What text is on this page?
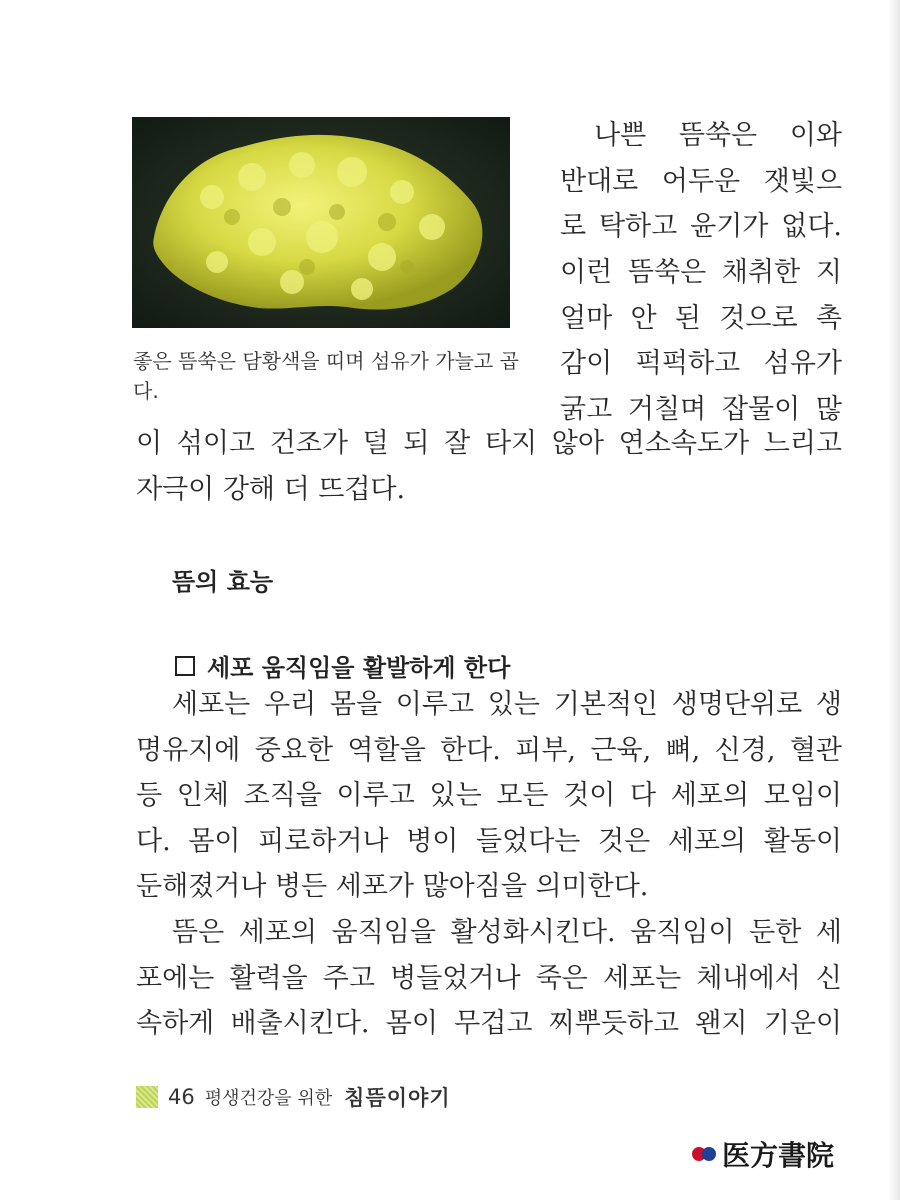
좋은 뜸쑥은 담황색을 띠며 섬유가 가늘고 곱다.

나쁜 뜸쑥은 이와
반대로 어두운 잿빛으
로 탁하고 윤기가 없다.
이런 뜸쑥은 채취한 지
얼마 안 된 것으로 촉
감이 퍽퍽하고 섬유가
굵고 거칠며 잡물이 많
이 섞이고 건조가 덜 되 잘 타지 않아 연소속도가 느리고
자극이 강해 더 뜨겁다.
뜸의 효능
세포 움직임을 활발하게 한다
세포는 우리 몸을 이루고 있는 기본적인 생명단위로 생
명유지에 중요한 역할을 한다. 피부, 근육, 뼈, 신경, 혈관
등 인체 조직을 이루고 있는 모든 것이 다 세포의 모임이
다. 몸이 피로하거나 병이 들었다는 것은 세포의 활동이
둔해졌거나 병든 세포가 많아짐을 의미한다.
뜸은 세포의 움직임을 활성화시킨다. 움직임이 둔한 세
포에는 활력을 주고 병들었거나 죽은 세포는 체내에서 신
속하게 배출시킨다. 몸이 무겁고 찌뿌듯하고 왠지 기운이
46 평생건강을 위한 침뜸이야기
医方書院
